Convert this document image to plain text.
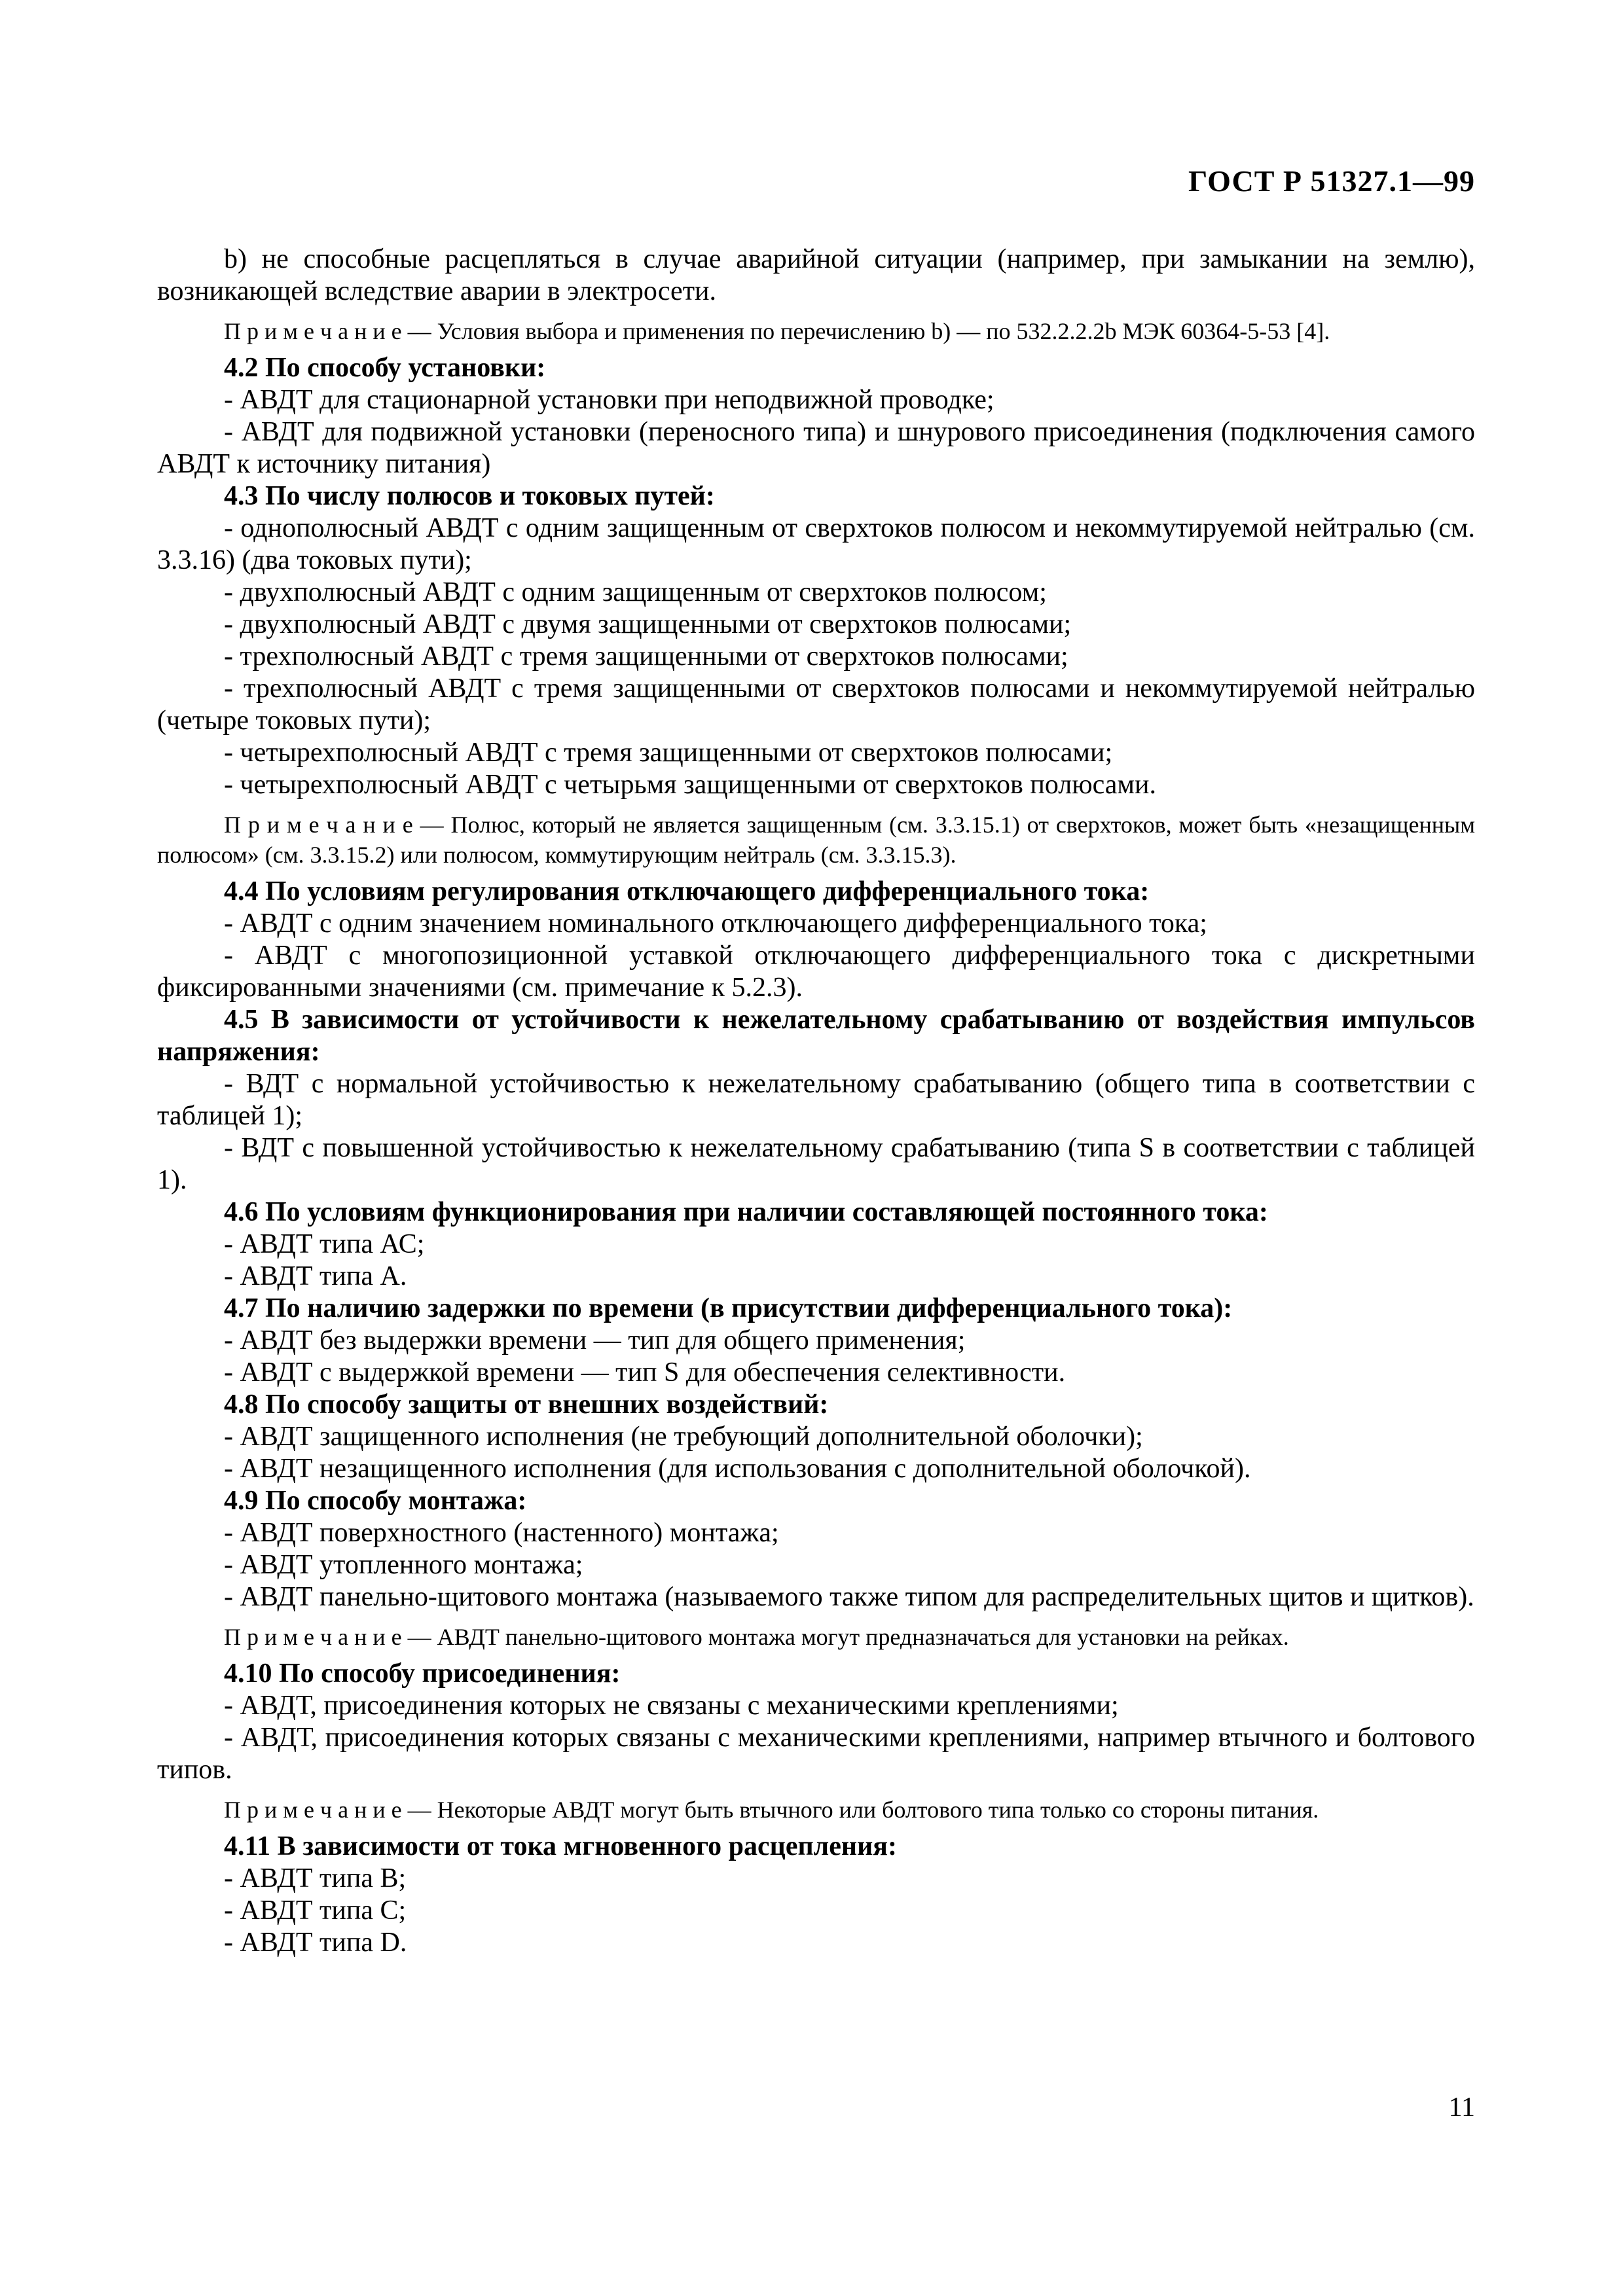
ГОСТ Р 51327.1—99

b) не способные расцепляться в случае аварийной ситуации (например, при замыкании на землю), возникающей вследствие аварии в электросети.

П р и м е ч а н и е — Условия выбора и применения по перечислению b) — по 532.2.2.2b МЭК 60364-5-53 [4].

4.2 По способу установки:

- АВДТ для стационарной установки при неподвижной проводке;

- АВДТ для подвижной установки (переносного типа) и шнурового присоединения (подключения самого АВДТ к источнику питания)

4.3 По числу полюсов и токовых путей:

- однополюсный АВДТ с одним защищенным от сверхтоков полюсом и некоммутируемой нейтралью (см. 3.3.16) (два токовых пути);

- двухполюсный АВДТ с одним защищенным от сверхтоков полюсом;

- двухполюсный АВДТ с двумя защищенными от сверхтоков полюсами;

- трехполюсный АВДТ с тремя защищенными от сверхтоков полюсами;

- трехполюсный АВДТ с тремя защищенными от сверхтоков полюсами и некоммутируемой нейтралью (четыре токовых пути);

- четырехполюсный АВДТ с тремя защищенными от сверхтоков полюсами;

- четырехполюсный АВДТ с четырьмя защищенными от сверхтоков полюсами.

П р и м е ч а н и е — Полюс, который не является защищенным (см. 3.3.15.1) от сверхтоков, может быть «незащищенным полюсом» (см. 3.3.15.2) или полюсом, коммутирующим нейтраль (см. 3.3.15.3).

4.4 По условиям регулирования отключающего дифференциального тока:

- АВДТ с одним значением номинального отключающего дифференциального тока;

- АВДТ с многопозиционной уставкой отключающего дифференциального тока с дискретными фиксированными значениями (см. примечание к 5.2.3).

4.5 В зависимости от устойчивости к нежелательному срабатыванию от воздействия импульсов напряжения:

- ВДТ с нормальной устойчивостью к нежелательному срабатыванию (общего типа в соответствии с таблицей 1);

- ВДТ с повышенной устойчивостью к нежелательному срабатыванию (типа S в соответствии с таблицей 1).

4.6 По условиям функционирования при наличии составляющей постоянного тока:

- АВДТ типа АС;

- АВДТ типа А.

4.7 По наличию задержки по времени (в присутствии дифференциального тока):

- АВДТ без выдержки времени — тип для общего применения;

- АВДТ с выдержкой времени — тип S для обеспечения селективности.

4.8 По способу защиты от внешних воздействий:

- АВДТ защищенного исполнения (не требующий дополнительной оболочки);

- АВДТ незащищенного исполнения (для использования с дополнительной оболочкой).

4.9 По способу монтажа:

- АВДТ поверхностного (настенного) монтажа;

- АВДТ утопленного монтажа;

- АВДТ панельно-щитового монтажа (называемого также типом для распределительных щитов и щитков).

П р и м е ч а н и е — АВДТ панельно-щитового монтажа могут предназначаться для установки на рейках.

4.10 По способу присоединения:

- АВДТ, присоединения которых не связаны с механическими креплениями;

- АВДТ, присоединения которых связаны с механическими креплениями, например втычного и болтового типов.

П р и м е ч а н и е — Некоторые АВДТ могут быть втычного или болтового типа только со стороны питания.

4.11 В зависимости от тока мгновенного расцепления:

- АВДТ типа B;

- АВДТ типа C;

- АВДТ типа D.

11
